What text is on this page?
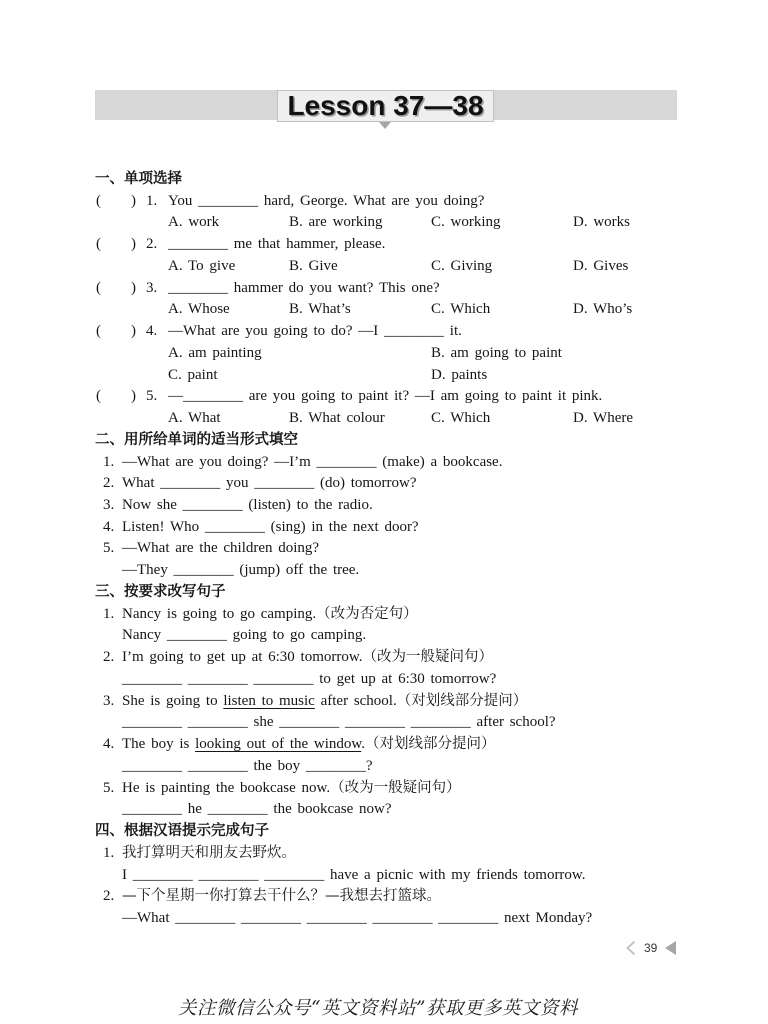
Lesson 37—38
一、单项选择
( ) 1. You ________ hard, George. What are you doing?
A. work	B. are working	C. working	D. works
( ) 2. ________ me that hammer, please.
A. To give	B. Give	C. Giving	D. Gives
( ) 3. ________ hammer do you want? This one?
A. Whose	B. What’s	C. Which	D. Who’s
( ) 4. —What are you going to do? —I ________ it.
A. am painting	B. am going to paint
C. paint	D. paints
( ) 5. —________ are you going to paint it? —I am going to paint it pink.
A. What	B. What colour	C. Which	D. Where
二、用所给单词的适当形式填空
1. —What are you doing? —I’m ________ (make) a bookcase.
2. What ________ you ________ (do) tomorrow?
3. Now she ________ (listen) to the radio.
4. Listen! Who ________ (sing) in the next door?
5. —What are the children doing?
—They ________ (jump) off the tree.
三、按要求改写句子
1. Nancy is going to go camping.（改为否定句）
Nancy ________ going to go camping.
2. I’m going to get up at 6:30 tomorrow.（改为一般疑问句）
________ ________ ________ to get up at 6:30 tomorrow?
3. She is going to listen to music after school.（对划线部分提问）
________ ________ she ________ ________ ________ after school?
4. The boy is looking out of the window.（对划线部分提问）
________ ________ the boy ________?
5. He is painting the bookcase now.（改为一般疑问句）
________ he ________ the bookcase now?
四、根据汉语提示完成句子
1. 我打算明天和朋友去野炊。
I ________ ________ ________ have a picnic with my friends tomorrow.
2. —下个星期一你打算去干什么？—我想去打篮球。
—What ________ ________ ________ ________ ________ next Monday?
39
关注微信公众号“英文资料站”获取更多英文资料
